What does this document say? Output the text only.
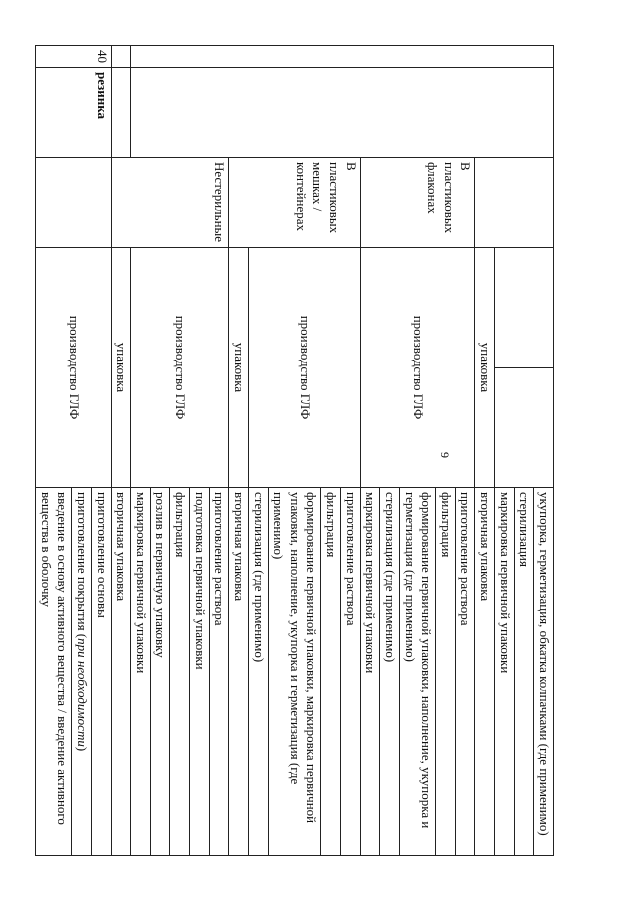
9
					укупорка, герметизация, обкатка колпачками (где применимо)
					стерилизация
					маркировка первичной упаковки
			упаковка		вторичная упаковка
		В пластиковых флаконах	производство ГЛФ		приготовление раствора
					фильтрация
					формирование первичной упаковки, наполнение, укупорка и герметизация (где применимо)
					стерилизация (где применимо)
					маркировка первичной упаковки
		В пластиковых мешках / контейнерах	производство ГЛФ		приготовление раствора
					фильтрация
					формирование первичной упаковки, маркировка первичной упаковки, наполнение, укупорка и герметизация (где применимо)
					стерилизация (где применимо)
			упаковка		вторичная упаковка
		Нестерильные	производство ГЛФ		приготовление раствора
					подготовка первичной упаковки
					фильтрация
					розлив в первичную упаковку
					маркировка первичной упаковки
			упаковка		вторичная упаковка
40	резинка		производство ГЛФ		приготовление основы
					приготовление покрытия (при необходимости)
					введение в основу активного вещества / введение активного вещества в оболочку
